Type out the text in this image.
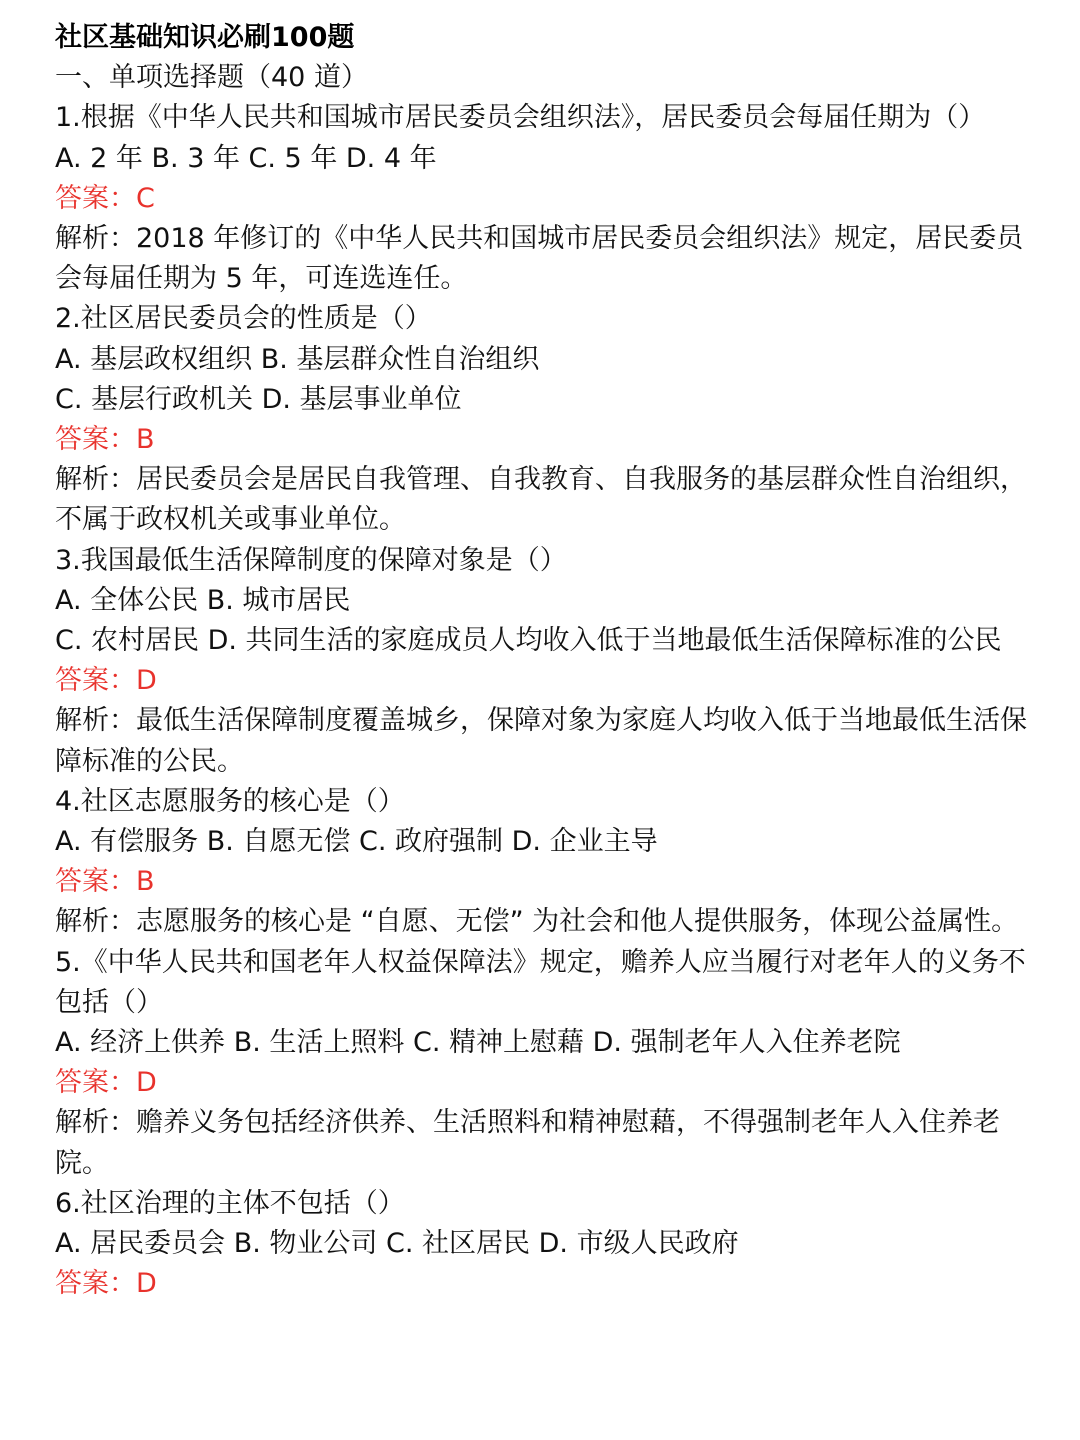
社区基础知识必刷100题

一、单项选择题（40 道）

1.根据《中华人民共和国城市居民委员会组织法》，居民委员会每届任期为（）

A. 2 年 B. 3 年 C. 5 年 D. 4 年

答案：C

解析：2018 年修订的《中华人民共和国城市居民委员会组织法》规定，居民委员会每届任期为 5 年，可连选连任。

2.社区居民委员会的性质是（）

A. 基层政权组织 B. 基层群众性自治组织

C. 基层行政机关 D. 基层事业单位

答案：B

解析：居民委员会是居民自我管理、自我教育、自我服务的基层群众性自治组织，不属于政权机关或事业单位。

3.我国最低生活保障制度的保障对象是（）

A. 全体公民 B. 城市居民

C. 农村居民 D. 共同生活的家庭成员人均收入低于当地最低生活保障标准的公民

答案：D

解析：最低生活保障制度覆盖城乡，保障对象为家庭人均收入低于当地最低生活保障标准的公民。

4.社区志愿服务的核心是（）

A. 有偿服务 B. 自愿无偿 C. 政府强制 D. 企业主导

答案：B

解析：志愿服务的核心是 “自愿、无偿” 为社会和他人提供服务，体现公益属性。

5.《中华人民共和国老年人权益保障法》规定，赡养人应当履行对老年人的义务不包括（）

A. 经济上供养 B. 生活上照料 C. 精神上慰藉 D. 强制老年人入住养老院

答案：D

解析：赡养义务包括经济供养、生活照料和精神慰藉，不得强制老年人入住养老院。

6.社区治理的主体不包括（）

A. 居民委员会 B. 物业公司 C. 社区居民 D. 市级人民政府

答案：D
